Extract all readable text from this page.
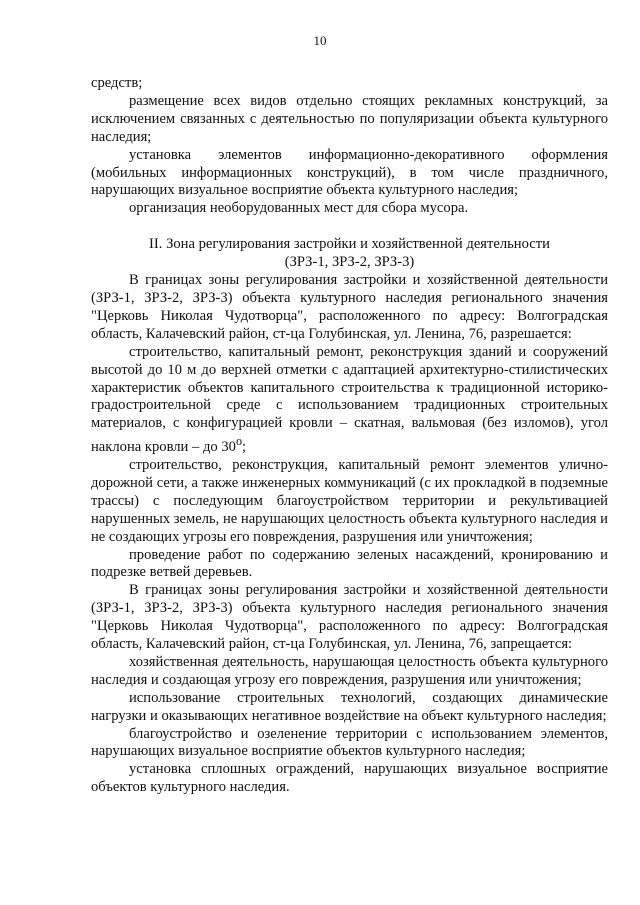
10

средств;

размещение всех видов отдельно стоящих рекламных конструкций, за исключением связанных с деятельностью по популяризации объекта культурного наследия;

установка элементов информационно-декоративного оформления (мобильных информационных конструкций), в том числе праздничного, нарушающих визуальное восприятие объекта культурного наследия;

организация необорудованных мест для сбора мусора.

II. Зона регулирования застройки и хозяйственной деятельности

(ЗРЗ-1, ЗРЗ-2, ЗРЗ-3)

В границах зоны регулирования застройки и хозяйственной деятельности (ЗРЗ-1, ЗРЗ-2, ЗРЗ-3) объекта культурного наследия регионального значения "Церковь Николая Чудотворца", расположенного по адресу: Волгоградская область, Калачевский район, ст-ца Голубинская, ул. Ленина, 76, разрешается:

строительство, капитальный ремонт, реконструкция зданий и сооружений высотой до 10 м до верхней отметки с адаптацией архитектурно-стилистических характеристик объектов капитального строительства к традиционной историко-градостроительной среде с использованием традиционных строительных материалов, с конфигурацией кровли – скатная, вальмовая (без изломов), угол наклона кровли – до $30^о$;

строительство, реконструкция, капитальный ремонт элементов улично-дорожной сети, а также инженерных коммуникаций (с их прокладкой в подземные трассы) с последующим благоустройством территории и рекультивацией нарушенных земель, не нарушающих целостность объекта культурного наследия и не создающих угрозы его повреждения, разрушения или уничтожения;

проведение работ по содержанию зеленых насаждений, кронированию и подрезке ветвей деревьев.

В границах зоны регулирования застройки и хозяйственной деятельности (ЗРЗ-1, ЗРЗ-2, ЗРЗ-3) объекта культурного наследия регионального значения "Церковь Николая Чудотворца", расположенного по адресу: Волгоградская область, Калачевский район, ст-ца Голубинская, ул. Ленина, 76, запрещается:

хозяйственная деятельность, нарушающая целостность объекта культурного наследия и создающая угрозу его повреждения, разрушения или уничтожения;

использование строительных технологий, создающих динамические нагрузки и оказывающих негативное воздействие на объект культурного наследия;

благоустройство и озеленение территории с использованием элементов, нарушающих визуальное восприятие объектов культурного наследия;

установка сплошных ограждений, нарушающих визуальное восприятие объектов культурного наследия.
